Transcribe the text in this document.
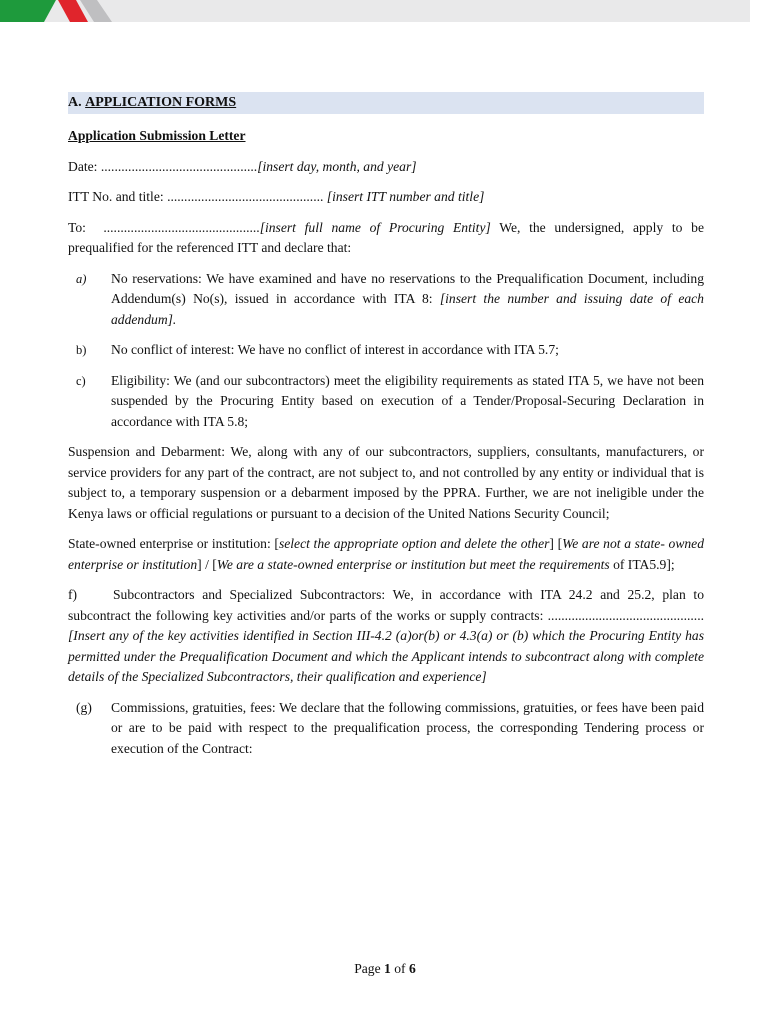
A. APPLICATION FORMS

Application Submission Letter

Date: ..............................................[insert day, month, and year]

ITT No. and title: .............................................. [insert ITT number and title]

To: ..............................................[insert full name of Procuring Entity] We, the undersigned, apply to be prequalified for the referenced ITT and declare that:

a) No reservations: We have examined and have no reservations to the Prequalification Document, including Addendum(s) No(s), issued in accordance with ITA 8: [insert the number and issuing date of each addendum].
b) No conflict of interest: We have no conflict of interest in accordance with ITA 5.7;
c) Eligibility: We (and our subcontractors) meet the eligibility requirements as stated ITA 5, we have not been suspended by the Procuring Entity based on execution of a Tender/Proposal-Securing Declaration in accordance with ITA 5.8;

Suspension and Debarment: We, along with any of our subcontractors, suppliers, consultants, manufacturers, or service providers for any part of the contract, are not subject to, and not controlled by any entity or individual that is subject to, a temporary suspension or a debarment imposed by the PPRA. Further, we are not ineligible under the Kenya laws or official regulations or pursuant to a decision of the United Nations Security Council;

State-owned enterprise or institution: [select the appropriate option and delete the other] [We are not a state- owned enterprise or institution] / [We are a state-owned enterprise or institution but meet the requirements of ITA5.9];

f)	Subcontractors and Specialized Subcontractors: We, in accordance with ITA 24.2 and 25.2, plan to subcontract the following key activities and/or parts of the works or supply contracts: .............................................. [Insert any of the key activities identified in Section III-4.2 (a)or(b) or 4.3(a) or (b) which the Procuring Entity has permitted under the Prequalification Document and which the Applicant intends to subcontract along with complete details of the Specialized Subcontractors, their qualification and experience]

(g) Commissions, gratuities, fees: We declare that the following commissions, gratuities, or fees have been paid or are to be paid with respect to the prequalification process, the corresponding Tendering process or execution of the Contract:
Page 1 of 6
